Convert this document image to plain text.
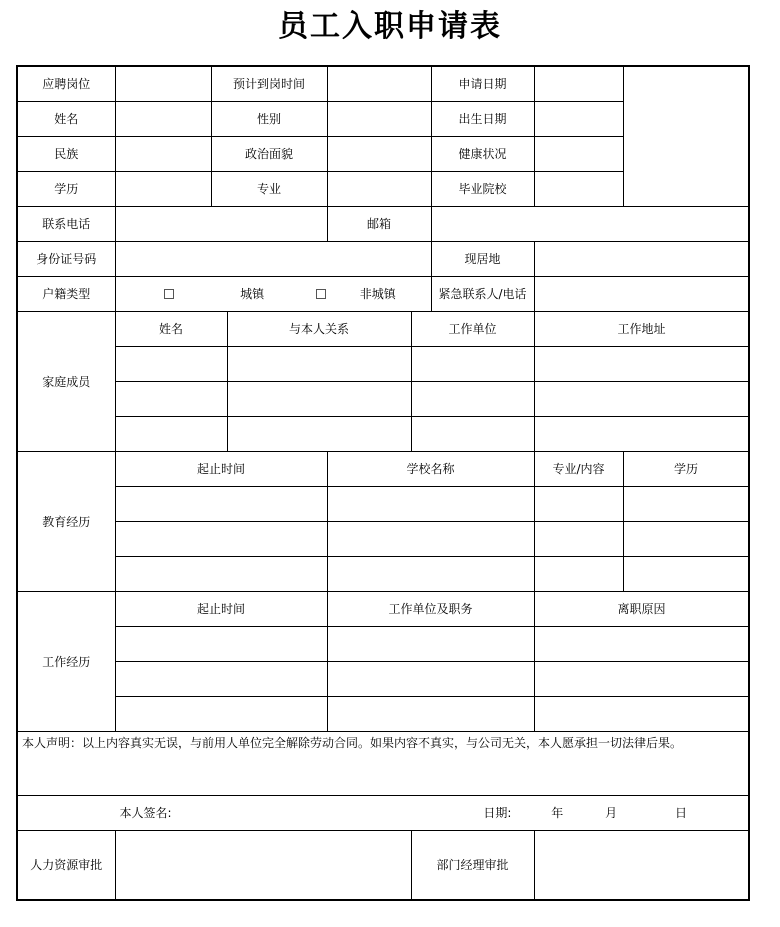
员工入职申请表
应聘岗位		预计到岗时间				申请日期			
姓名		性别				出生日期			
民族		政治面貌				健康状况			
学历		专业				毕业院校			
联系电话				邮箱					
身份证号码						现居地			
户籍类型	城镇 非城镇					紧急联系人/电话			
家庭成员	姓名		与本人关系		工作单位		工作地址	

教育经历	起止时间			学校名称			专业/内容	学历	

工作经历	起止时间			工作单位及职务			离职原因		

本人声明：以上内容真实无误，与前用人单位完全解除劳动合同。如果内容不真实，与公司无关，本人愿承担一切法律后果。									
本人签名: 日期: 年 月 日									
人力资源审批					部门经理审批				
